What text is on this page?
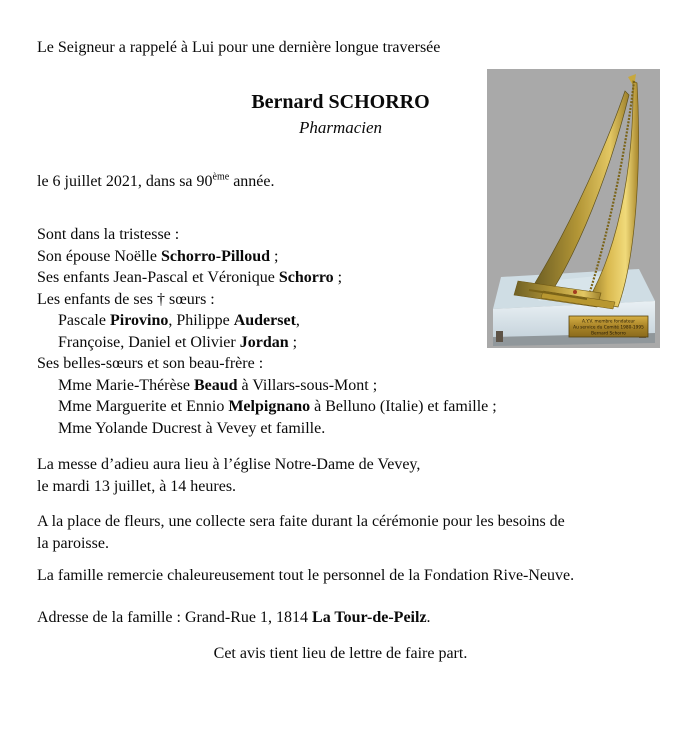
Le Seigneur a rappelé à Lui pour une dernière longue traversée
Bernard SCHORRO
Pharmacien
le 6 juillet 2021, dans sa 90ème année.
Sont dans la tristesse :
Son épouse Noëlle Schorro-Pilloud ;
Ses enfants Jean-Pascal et Véronique Schorro ;
Les enfants de ses † sœurs :
Pascale Pirovino, Philippe Auderset,
Françoise, Daniel et Olivier Jordan ;
Ses belles-sœurs et son beau-frère :
Mme Marie-Thérèse Beaud à Villars-sous-Mont ;
Mme Marguerite et Ennio Melpignano à Belluno (Italie) et famille ;
Mme Yolande Ducrest à Vevey et famille.
La messe d’adieu aura lieu à l’église Notre-Dame de Vevey,
le mardi 13 juillet, à 14 heures.
A la place de fleurs, une collecte sera faite durant la cérémonie pour les besoins de
la paroisse.
La famille remercie chaleureusement tout le personnel de la Fondation Rive-Neuve.
Adresse de la famille : Grand-Rue 1, 1814 La Tour-de-Peilz.
Cet avis tient lieu de lettre de faire part.
A.Y.V. membre fondateur
Au service du Comité 1980-1995
Bernard Schorro
